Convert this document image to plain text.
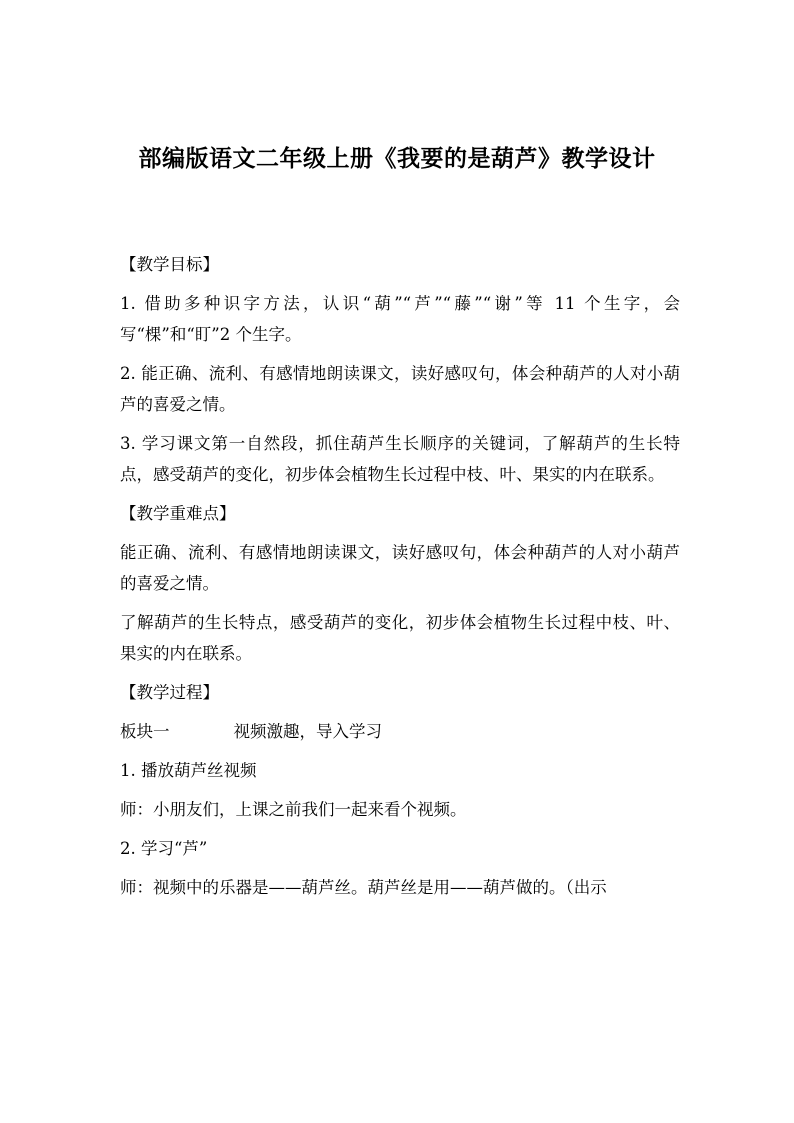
部编版语文二年级上册《我要的是葫芦》教学设计

【教学目标】

1. 借助多种识字方法，认识“葫”“芦”“藤”“谢”等 11 个生字，会写“棵”和“盯”2 个生字。

2. 能正确、流利、有感情地朗读课文，读好感叹句，体会种葫芦的人对小葫芦的喜爱之情。

3. 学习课文第一自然段，抓住葫芦生长顺序的关键词，了解葫芦的生长特点，感受葫芦的变化，初步体会植物生长过程中枝、叶、果实的内在联系。

【教学重难点】

能正确、流利、有感情地朗读课文，读好感叹句，体会种葫芦的人对小葫芦的喜爱之情。

了解葫芦的生长特点，感受葫芦的变化，初步体会植物生长过程中枝、叶、果实的内在联系。

【教学过程】

板块一	视频激趣，导入学习

1. 播放葫芦丝视频

师：小朋友们，上课之前我们一起来看个视频。

2. 学习“芦”

师：视频中的乐器是——葫芦丝。葫芦丝是用——葫芦做的。（出示
